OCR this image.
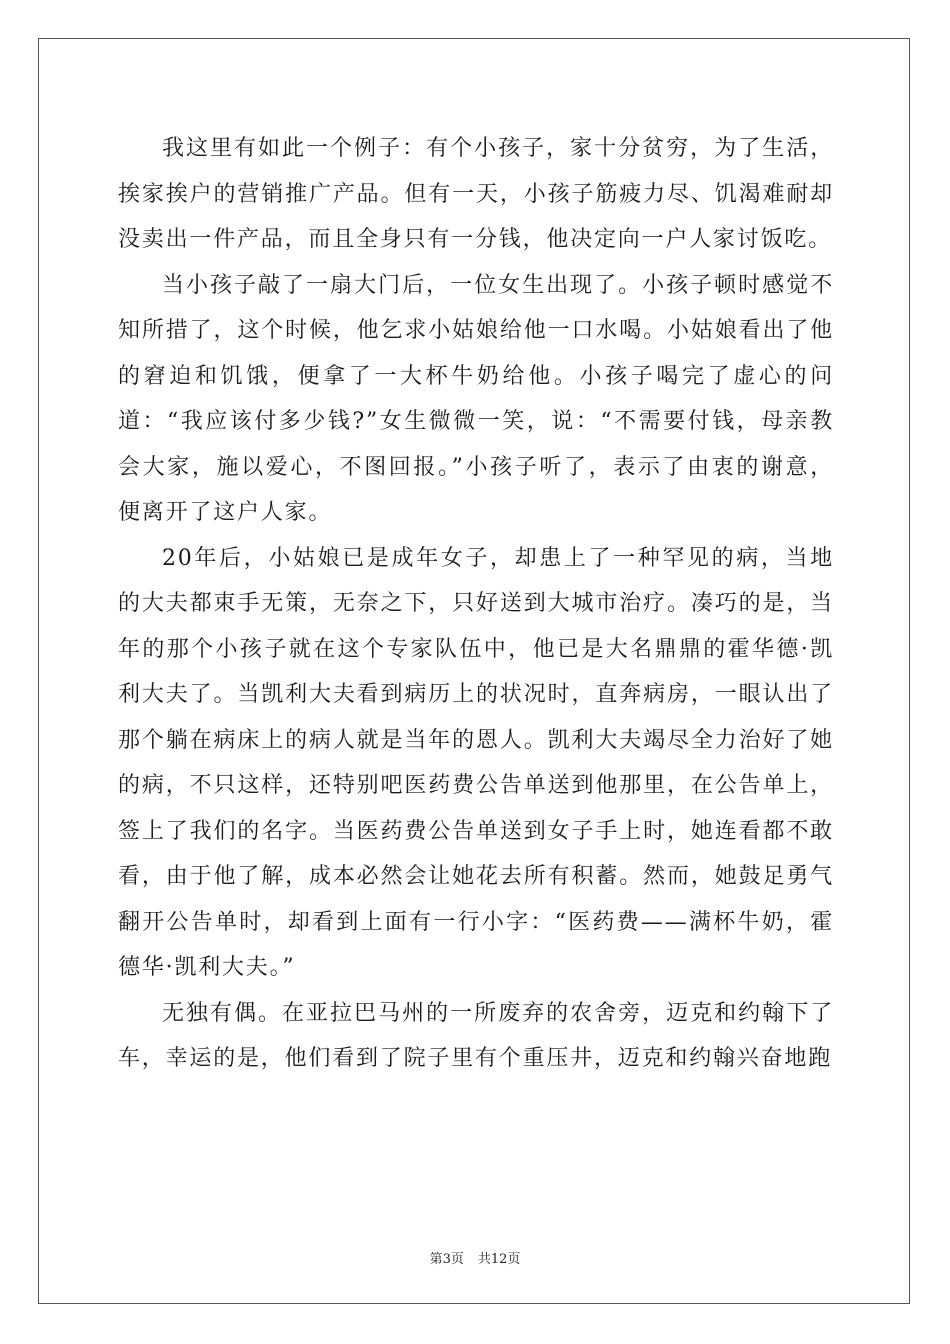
我这里有如此一个例子：有个小孩子，家十分贫穷，为了生活，挨家挨户的营销推广产品。但有一天，小孩子筋疲力尽、饥渴难耐却没卖出一件产品，而且全身只有一分钱，他决定向一户人家讨饭吃。

当小孩子敲了一扇大门后，一位女生出现了。小孩子顿时感觉不知所措了，这个时候，他乞求小姑娘给他一口水喝。小姑娘看出了他的窘迫和饥饿，便拿了一大杯牛奶给他。小孩子喝完了虚心的问道：“我应该付多少钱?”女生微微一笑，说：“不需要付钱，母亲教会大家，施以爱心，不图回报。”小孩子听了，表示了由衷的谢意，便离开了这户人家。

20年后，小姑娘已是成年女子，却患上了一种罕见的病，当地的大夫都束手无策，无奈之下，只好送到大城市治疗。凑巧的是，当年的那个小孩子就在这个专家队伍中，他已是大名鼎鼎的霍华德·凯利大夫了。当凯利大夫看到病历上的状况时，直奔病房，一眼认出了那个躺在病床上的病人就是当年的恩人。凯利大夫竭尽全力治好了她的病，不只这样，还特别吧医药费公告单送到他那里，在公告单上，签上了我们的名字。当医药费公告单送到女子手上时，她连看都不敢看，由于他了解，成本必然会让她花去所有积蓄。然而，她鼓足勇气翻开公告单时，却看到上面有一行小字：“医药费——满杯牛奶，霍德华·凯利大夫。”

无独有偶。在亚拉巴马州的一所废弃的农舍旁，迈克和约翰下了车，幸运的是，他们看到了院子里有个重压井，迈克和约翰兴奋地跑

第3页 共12页
